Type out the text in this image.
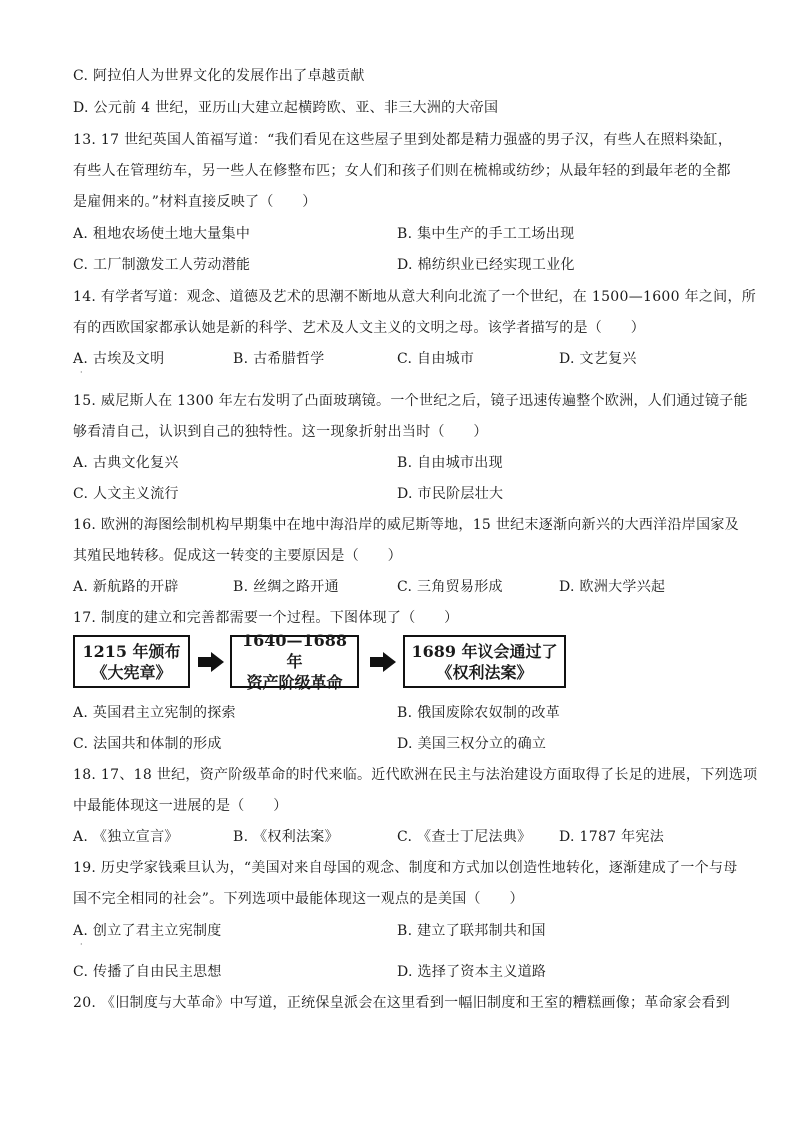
C. 阿拉伯人为世界文化的发展作出了卓越贡献
D. 公元前 4 世纪，亚历山大建立起横跨欧、亚、非三大洲的大帝国
13. 17 世纪英国人笛福写道：“我们看见在这些屋子里到处都是精力强盛的男子汉，有些人在照料染缸，
有些人在管理纺车，另一些人在修整布匹；女人们和孩子们则在梳棉或纺纱；从最年轻的到最年老的全都
是雇佣来的。”材料直接反映了（　　）
A. 租地农场使土地大量集中	B. 集中生产的手工工场出现
C. 工厂制激发工人劳动潜能	D. 棉纺织业已经实现工业化
14. 有学者写道：观念、道德及艺术的思潮不断地从意大利向北流了一个世纪，在 1500—1600 年之间，所
有的西欧国家都承认她是新的科学、艺术及人文主义的文明之母。该学者描写的是（　　）
A. 古埃及文明	B. 古希腊哲学	C. 自由城市	D. 文艺复兴
·
15. 威尼斯人在 1300 年左右发明了凸面玻璃镜。一个世纪之后，镜子迅速传遍整个欧洲，人们通过镜子能
够看清自己，认识到自己的独特性。这一现象折射出当时（　　）
A. 古典文化复兴	B. 自由城市出现
C. 人文主义流行	D. 市民阶层壮大
16. 欧洲的海图绘制机构早期集中在地中海沿岸的威尼斯等地，15 世纪末逐渐向新兴的大西洋沿岸国家及
其殖民地转移。促成这一转变的主要原因是（　　）
A. 新航路的开辟	B. 丝绸之路开通	C. 三角贸易形成	D. 欧洲大学兴起
17. 制度的建立和完善都需要一个过程。下图体现了（　　）
1215 年颁布
《大宪章》
1640—1688 年
资产阶级革命
1689 年议会通过了
《权利法案》
A. 英国君主立宪制的探索	B. 俄国废除农奴制的改革
C. 法国共和体制的形成	D. 美国三权分立的确立
18. 17、18 世纪，资产阶级革命的时代来临。近代欧洲在民主与法治建设方面取得了长足的进展，下列选项
中最能体现这一进展的是（　　）
A. 《独立宣言》	B. 《权利法案》	C. 《查士丁尼法典》 D. 1787 年宪法
19. 历史学家钱乘旦认为，“美国对来自母国的观念、制度和方式加以创造性地转化，逐渐建成了一个与母
国不完全相同的社会”。下列选项中最能体现这一观点的是美国（　　）
A. 创立了君主立宪制度	B. 建立了联邦制共和国
·
C. 传播了自由民主思想	D. 选择了资本主义道路
20. 《旧制度与大革命》中写道，正统保皇派会在这里看到一幅旧制度和王室的糟糕画像；革命家会看到
